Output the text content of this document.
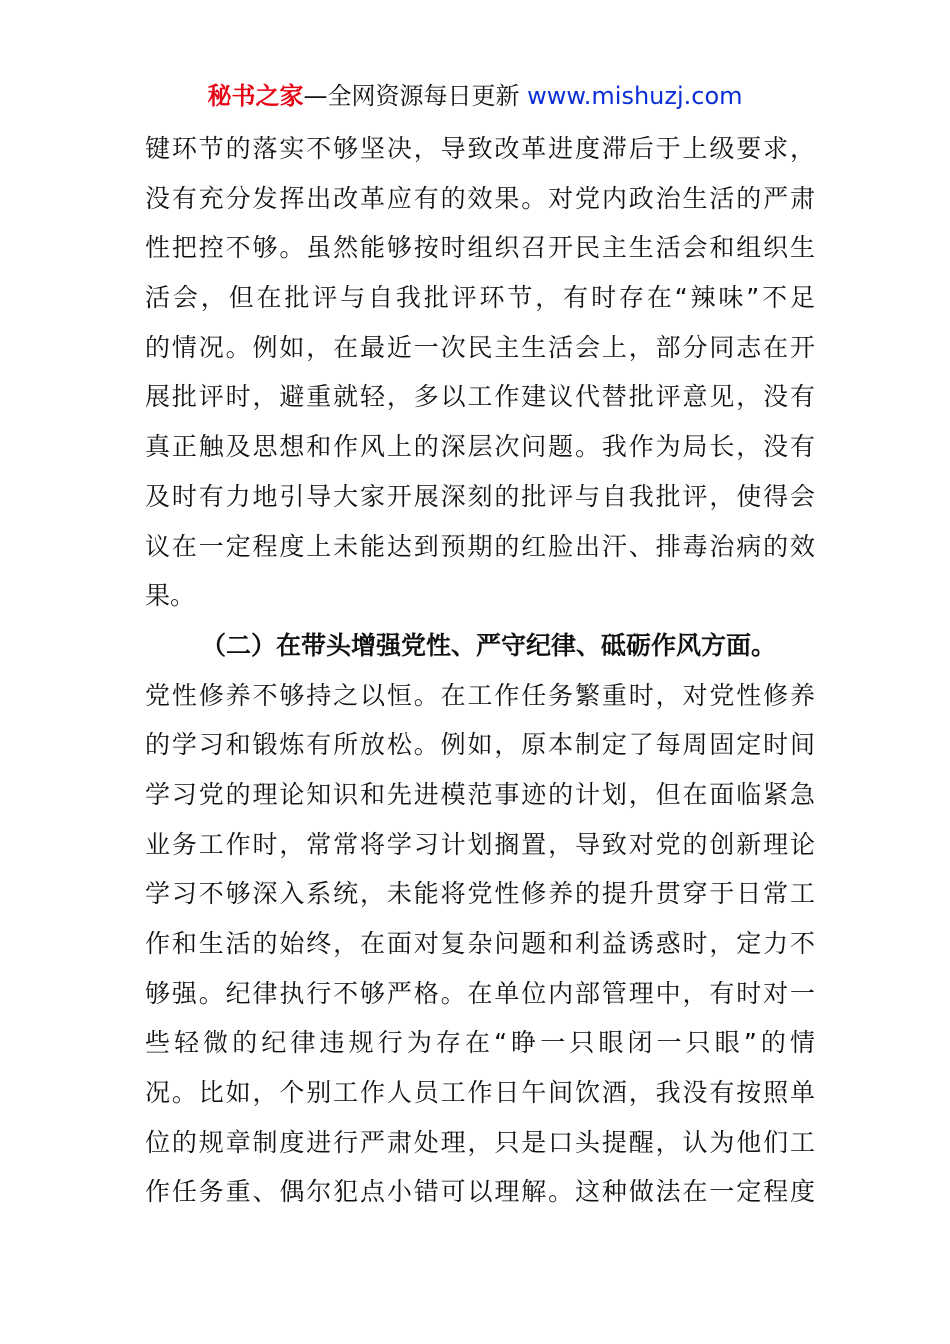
秘书之家—全网资源每日更新 www.mishuzj.com
键环节的落实不够坚决，导致改革进度滞后于上级要求，
没有充分发挥出改革应有的效果。对党内政治生活的严肃
性把控不够。虽然能够按时组织召开民主生活会和组织生
活会，但在批评与自我批评环节，有时存在“辣味”不足
的情况。例如，在最近一次民主生活会上，部分同志在开
展批评时，避重就轻，多以工作建议代替批评意见，没有
真正触及思想和作风上的深层次问题。我作为局长，没有
及时有力地引导大家开展深刻的批评与自我批评，使得会
议在一定程度上未能达到预期的红脸出汗、排毒治病的效
果。
（二）在带头增强党性、严守纪律、砥砺作风方面。
党性修养不够持之以恒。在工作任务繁重时，对党性修养
的学习和锻炼有所放松。例如，原本制定了每周固定时间
学习党的理论知识和先进模范事迹的计划，但在面临紧急
业务工作时，常常将学习计划搁置，导致对党的创新理论
学习不够深入系统，未能将党性修养的提升贯穿于日常工
作和生活的始终，在面对复杂问题和利益诱惑时，定力不
够强。纪律执行不够严格。在单位内部管理中，有时对一
些轻微的纪律违规行为存在“睁一只眼闭一只眼”的情
况。比如，个别工作人员工作日午间饮酒，我没有按照单
位的规章制度进行严肃处理，只是口头提醒，认为他们工
作任务重、偶尔犯点小错可以理解。这种做法在一定程度
